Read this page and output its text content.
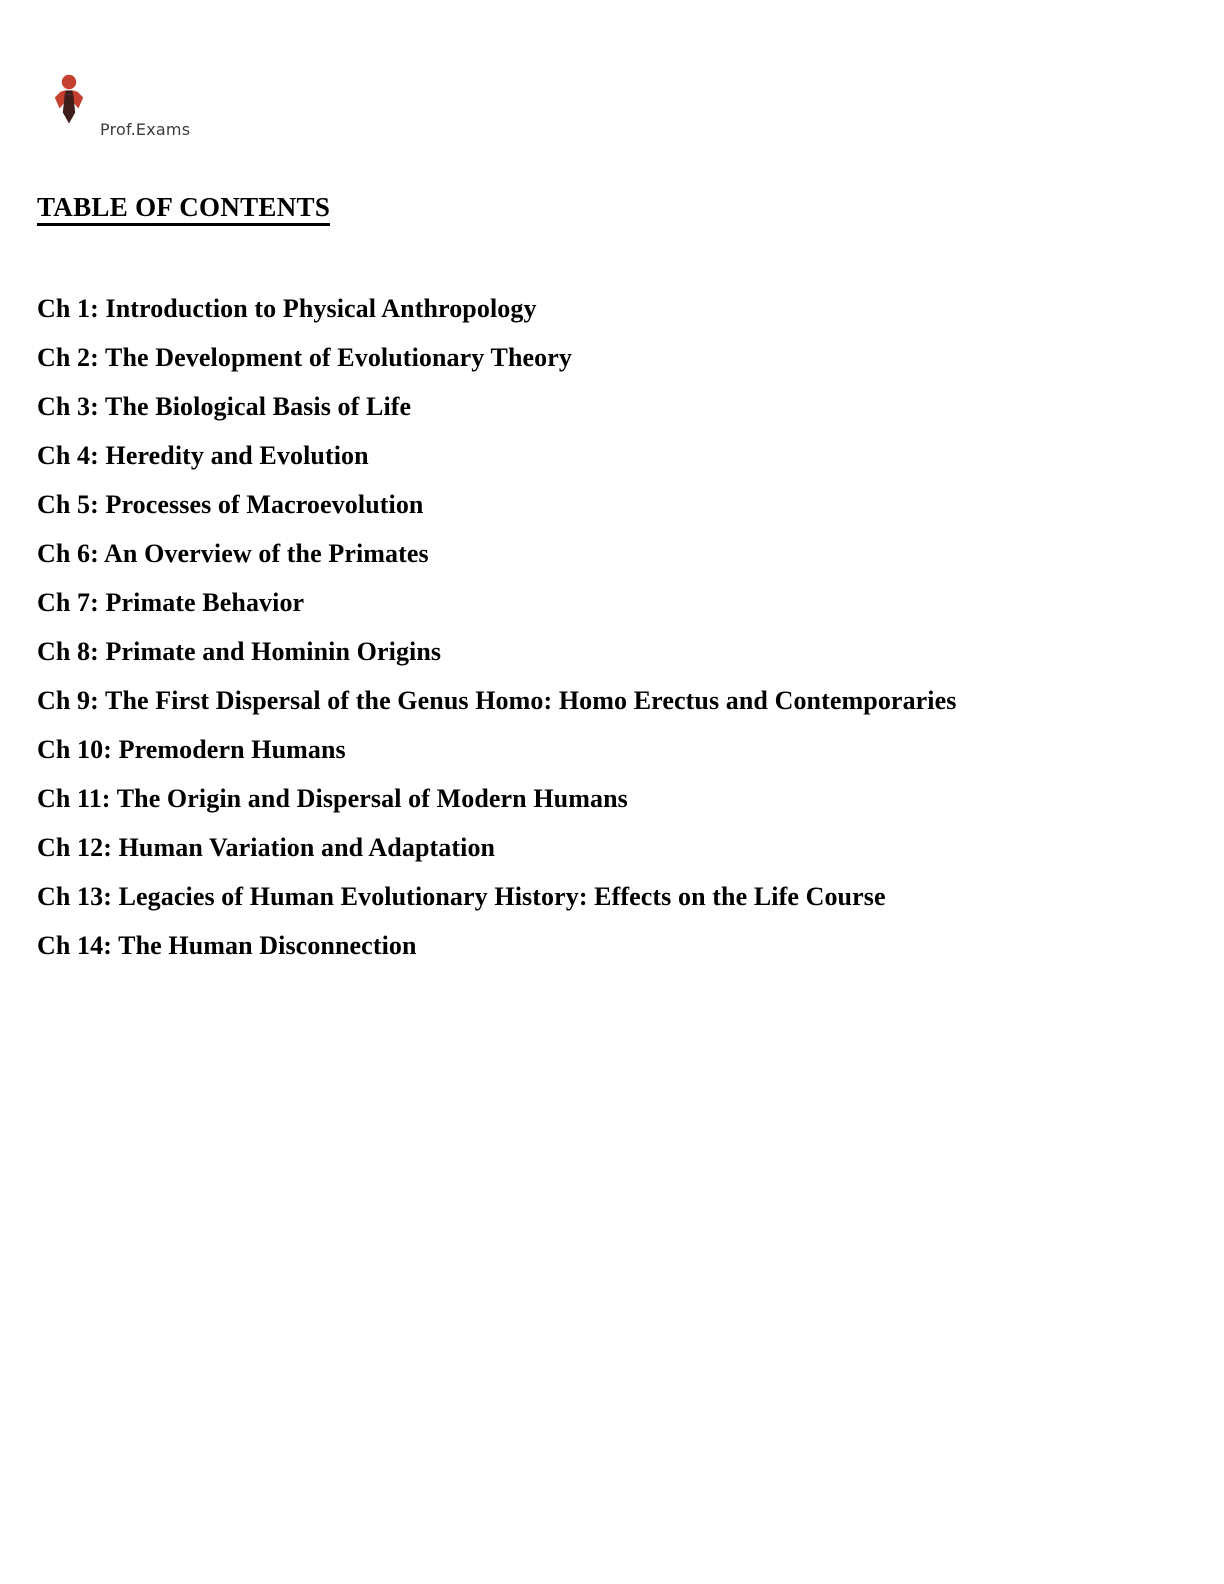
Prof.Exams
TABLE OF CONTENTS
Ch 1: Introduction to Physical Anthropology
Ch 2: The Development of Evolutionary Theory
Ch 3: The Biological Basis of Life
Ch 4: Heredity and Evolution
Ch 5: Processes of Macroevolution
Ch 6: An Overview of the Primates
Ch 7: Primate Behavior
Ch 8: Primate and Hominin Origins
Ch 9: The First Dispersal of the Genus Homo: Homo Erectus and Contemporaries
Ch 10: Premodern Humans
Ch 11: The Origin and Dispersal of Modern Humans
Ch 12: Human Variation and Adaptation
Ch 13: Legacies of Human Evolutionary History: Effects on the Life Course
Ch 14: The Human Disconnection
